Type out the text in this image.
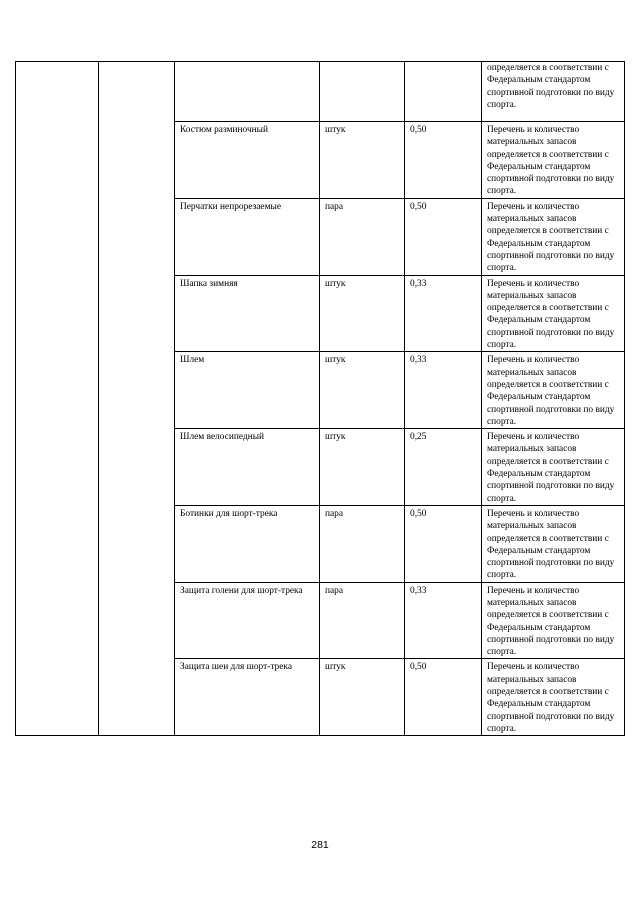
					определяется в соответствии с Федеральным стандартом спортивной подготовки по виду спорта.
		Костюм разминочный	штук	0,50	Перечень и количество материальных запасов определяется в соответствии с Федеральным стандартом спортивной подготовки по виду спорта.
		Перчатки непрорезаемые	пара	0,50	Перечень и количество материальных запасов определяется в соответствии с Федеральным стандартом спортивной подготовки по виду спорта.
		Шапка зимняя	штук	0,33	Перечень и количество материальных запасов определяется в соответствии с Федеральным стандартом спортивной подготовки по виду спорта.
		Шлем	штук	0,33	Перечень и количество материальных запасов определяется в соответствии с Федеральным стандартом спортивной подготовки по виду спорта.
		Шлем велосипедный	штук	0,25	Перечень и количество материальных запасов определяется в соответствии с Федеральным стандартом спортивной подготовки по виду спорта.
		Ботинки для шорт-трека	пара	0,50	Перечень и количество материальных запасов определяется в соответствии с Федеральным стандартом спортивной подготовки по виду спорта.
		Защита голени для шорт-трека	пара	0,33	Перечень и количество материальных запасов определяется в соответствии с Федеральным стандартом спортивной подготовки по виду спорта.
		Защита шеи для шорт-трека	штук	0,50	Перечень и количество материальных запасов определяется в соответствии с Федеральным стандартом спортивной подготовки по виду спорта.
281
